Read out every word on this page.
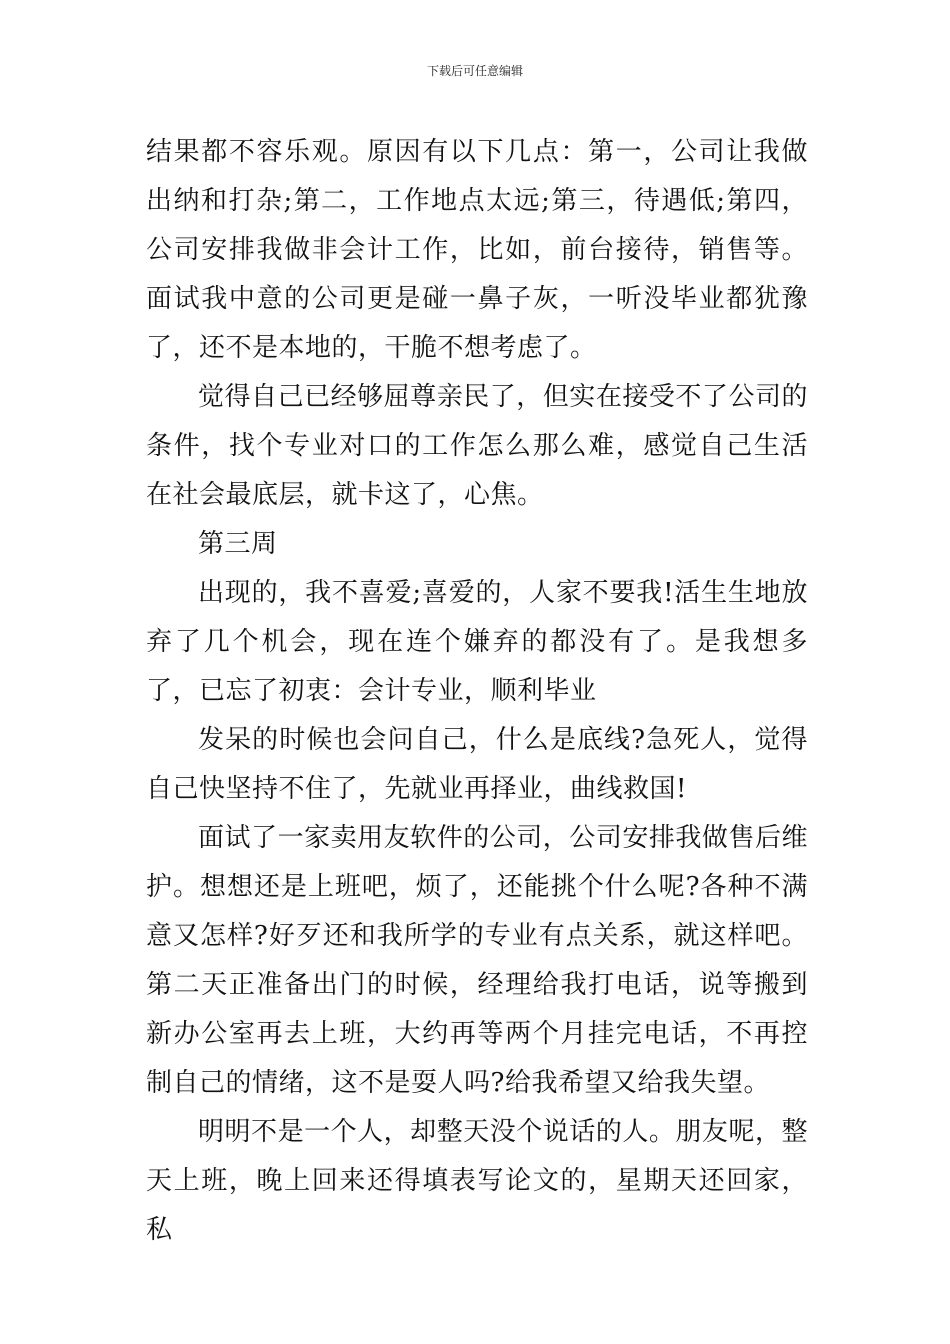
下载后可任意编辑

结果都不容乐观。原因有以下几点：第一，公司让我做出纳和打杂;第二，工作地点太远;第三，待遇低;第四，公司安排我做非会计工作，比如，前台接待，销售等。面试我中意的公司更是碰一鼻子灰，一听没毕业都犹豫了，还不是本地的，干脆不想考虑了。

觉得自己已经够屈尊亲民了，但实在接受不了公司的条件，找个专业对口的工作怎么那么难，感觉自己生活在社会最底层，就卡这了，心焦。

第三周

出现的，我不喜爱;喜爱的，人家不要我!活生生地放弃了几个机会，现在连个嫌弃的都没有了。是我想多了，已忘了初衷：会计专业，顺利毕业

发呆的时候也会问自己，什么是底线?急死人，觉得自己快坚持不住了，先就业再择业，曲线救国!

面试了一家卖用友软件的公司，公司安排我做售后维护。想想还是上班吧，烦了，还能挑个什么呢?各种不满意又怎样?好歹还和我所学的专业有点关系，就这样吧。第二天正准备出门的时候，经理给我打电话，说等搬到新办公室再去上班，大约再等两个月挂完电话，不再控制自己的情绪，这不是耍人吗?给我希望又给我失望。

明明不是一个人，却整天没个说话的人。朋友呢，整天上班，晚上回来还得填表写论文的，星期天还回家，私
